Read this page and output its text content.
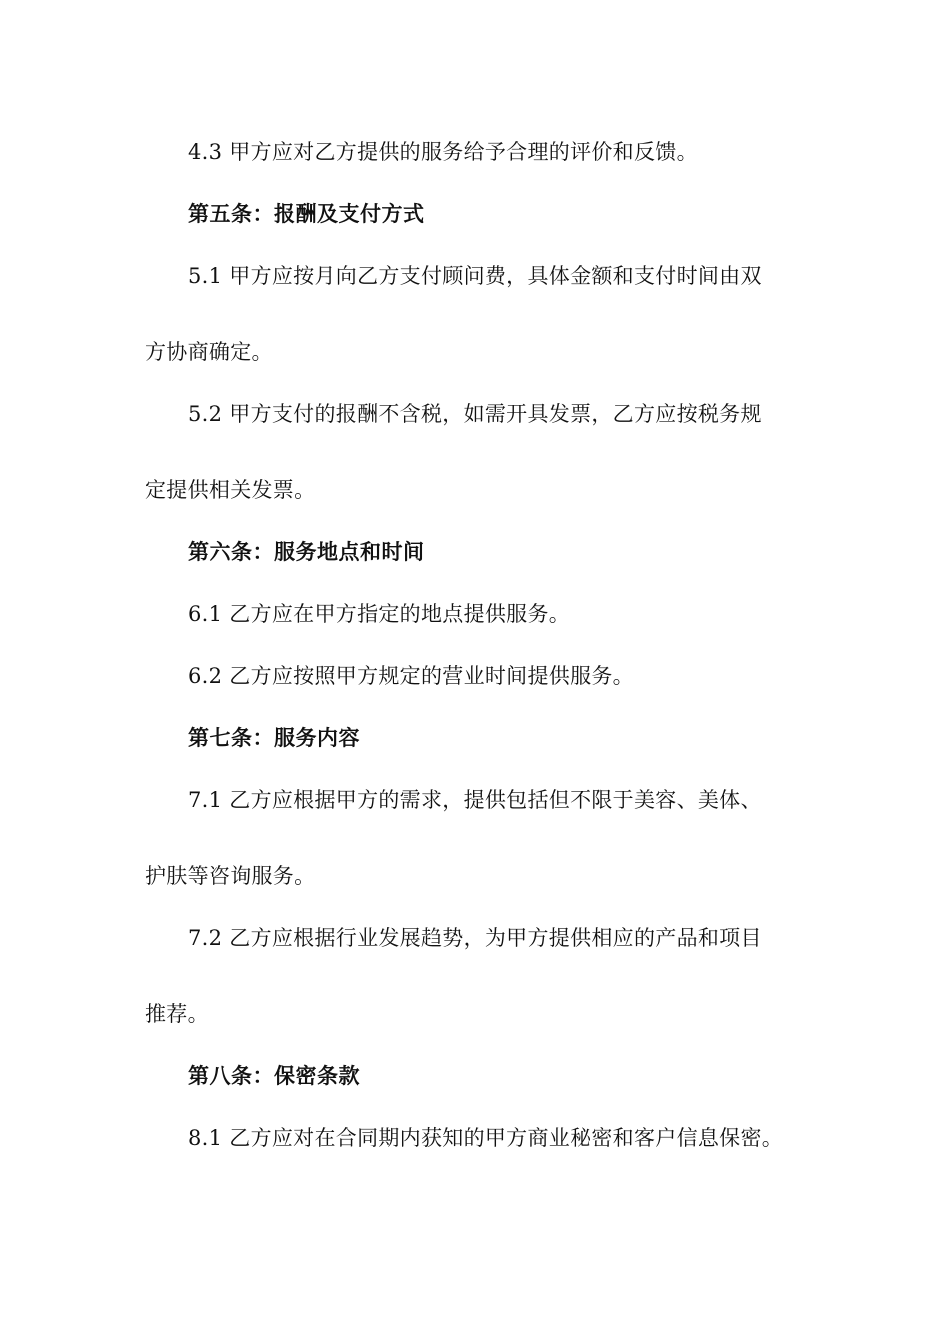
4.3 甲方应对乙方提供的服务给予合理的评价和反馈。
第五条：报酬及支付方式
5.1 甲方应按月向乙方支付顾问费，具体金额和支付时间由双
方协商确定。
5.2 甲方支付的报酬不含税，如需开具发票，乙方应按税务规
定提供相关发票。
第六条：服务地点和时间
6.1 乙方应在甲方指定的地点提供服务。
6.2 乙方应按照甲方规定的营业时间提供服务。
第七条：服务内容
7.1 乙方应根据甲方的需求，提供包括但不限于美容、美体、
护肤等咨询服务。
7.2 乙方应根据行业发展趋势，为甲方提供相应的产品和项目
推荐。
第八条：保密条款
8.1 乙方应对在合同期内获知的甲方商业秘密和客户信息保密。
